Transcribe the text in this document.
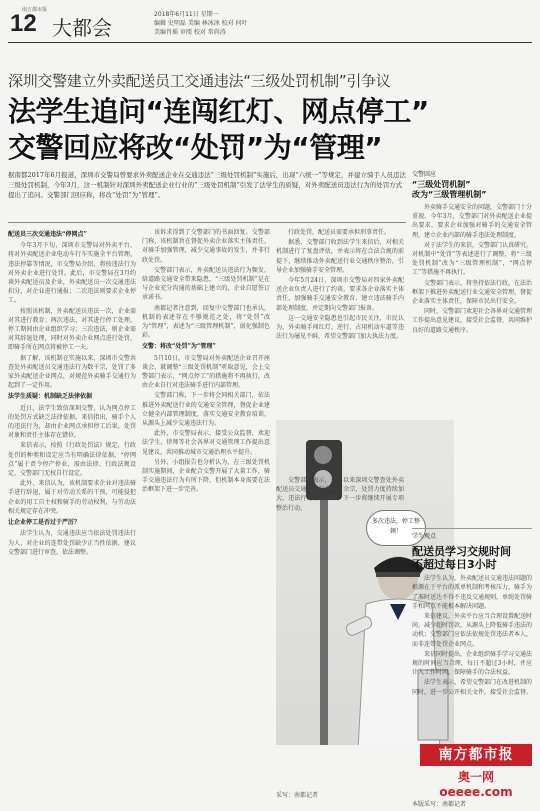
南方都市报
12 大都会
2018年6月11日 星期一
编辑 史明磊 美编 林冰冰 校对 何叶
美编肖瑶 审阅 校对 常尚涛
深圳交警建立外卖配送员工交通违法“三级处罚机制”引争议
法学生追问“连闯红灯、网点停工”
交警回应将改“处罚”为“管理”
据南都2017年6月报道，深圳市交警局曾要求外卖配送企业在交通违法“三级处罚机制”实施后，出现“六统一”等规定，并建立骑手人员违法三级处罚机制，今年3月，这一机制针对深圳外卖配送企业行业的“三级处罚机制”引发了法学生的质疑，对外卖配送员违法行为的处罚方式提出了追问。交警部门回应称，将改“处罚”为“管理”。

配送员三次交通违法“停网点”

今年3月下旬，深圳市交警局对外卖平台，将对外卖配送企业电动车行车实施全平台管理，违法停靠等情况，市交警局介绍，将按违法行为对外卖企业进行处罚。此后，市交警局在3月约谈外卖配送员及企业，外卖配送员一次交通违法扣分，对企业进行通报；二次违法则要求企业停工。

按照该机制，外卖配送员违法一次，企业需对其进行教育；两次违法，对其进行停工处理，停工期间由企业组织学习；三次违法，则企业需对其辞退处理，同时对外卖企业网点进行处罚，即骑手所在网点将被停工一天。

据了解，该机制在实施以来，深圳市交警共查处外卖配送员交通违法行为数千宗，处罚了多家外卖配送企业网点，对规范外卖骑手交通行为起到了一定作用。

法学生质疑：机制缺乏法律依据

近日，法学生致信深圳交警，认为网点停工的处罚方式缺乏法律依据。来信指出，骑手个人的违法行为，却由企业网点承担停工后果，处罚对象和责任主体存在错位。

来信表示，按照《行政处罚法》规定，行政处罚的种类和设定应当有明确法律依据，“停网点”属于责令停产停业，需由法律、行政法规设定，交警部门无权自行设定。

此外，来信认为，该机制要求企业对违法骑手进行辞退，属于对劳动关系的干预，可能侵犯企业的用工自主权和骑手的劳动权利，与劳动法相关规定存在冲突。

让企业停工是否过于严厉？

法学生认为，交通违法应当依法处罚违法行为人，对企业的连带处罚缺少正当性依据，建议交警部门进行审查，依法调整。

该诉求得到了交警部门的书面回复。交警部门称，该机制旨在督促外卖企业落实主体责任，对骑手加强管理，减少交通事故的发生，并非行政处罚。

交警部门表示，外卖配送员违法行为频发，给道路交通安全带来隐患，“三级处罚机制”是在与企业充分沟通的基础上建立的，企业自愿签订承诺书。

南都记者注意到，回复中交警部门也承认，机制的表述存在不够规范之处，将“处罚”改为“管理”，表述为“三级管理机制”，弱化强制色彩。

交警：将改“处罚”为“管理”

5月10日，市交警局对外卖配送企业召开座谈会，就调整“三级处罚机制”听取意见，会上交警部门表示，“网点停工”的措施将不再执行，改由企业自行对违法骑手进行内部管理。

交警部门称，下一步将会同相关部门，依法推进外卖配送行业的交通安全管理，督促企业建立健全内部管理制度，落实交通安全教育培训，从源头上减少交通违法行为。

此外，市交警局表示，接受公众监督，欢迎法学生、律师等社会各界对交通管理工作提出意见建议，共同推动城市交通治理水平提升。

另外，小组报告也分析认为，在三级处罚机制实施期间，企业配合交警开展了大量工作，骑手交通违法行为有所下降，但机制本身需要在法治框架下进一步完善。

行政处罚，配送员需要承担刑事责任。

据悉，交警部门收到法学生来信后，对相关机制进行了复盘评估，并表示将在合法合规的前提下，继续推动外卖配送行业交通秩序整治，引导企业加强骑手安全管理。

今年5月24日，深圳市交警局对四家外卖配送企业负责人进行了约谈，要求各企业落实主体责任，加强骑手交通安全教育，建立违法骑手内部处理制度，并定期向交警部门报备。

这一交通安全隐患也引起市民关注，市民认为，外卖骑手闯红灯、逆行、占用机动车道等违法行为屡见不鲜，希望交警部门加大执法力度。

多次违法，停工整顿！

交警部门表示，今年以来深圳交警查处外卖配送员交通违法行为一万余宗，处罚力度持续加大，违法行为有所下降，下一步将继续开展专项整治行动。

交警回应
“三级处罚机制”
改为“三级管理机制”

外卖骑手交通安全的问题，交警部门十分重视。今年3月，交警部门对外卖配送企业提出要求，要求企业加强对骑手的交通安全管理，建立企业内部的骑手违法处理制度。

对于法学生的来信，交警部门认真研究，对机制中“处罚”等表述进行了调整，将“三级处罚机制”改为“三级管理机制”，“网点停工”等措施不再执行。

交警部门表示，将坚持依法行政，在法治框架下推进外卖配送行业交通安全管理，督促企业落实主体责任，保障市民出行安全。

同时，交警部门欢迎社会各界对交通管理工作提出意见建议，接受社会监督，共同维护良好的道路交通秩序。

学生观点
配送员学习交规时间
不超过每日3小时

法学生认为，外卖配送员交通违法问题的根源在于平台的派单机制和考核压力，骑手为了准时送达不得不违反交通规则，单纯处罚骑手和网点不能根本解决问题。

来信建议，外卖平台应当合理设置配送时间，减少超时罚款，从源头上降低骑手违法的动机；交警部门应依法依规处罚违法者本人，而非连带处罚企业网点。

来信同时提出，企业组织骑手学习交通法规的时间应当合理，每日不超过3小时，并应计入工作时间，保障骑手的合法权益。

法学生表示，希望交警部门在改进机制的同时，进一步公开相关文件，接受社会监督。

南方都市报
奥一网 oeeee.com
采写：南都记者
本版采写：南都记者
